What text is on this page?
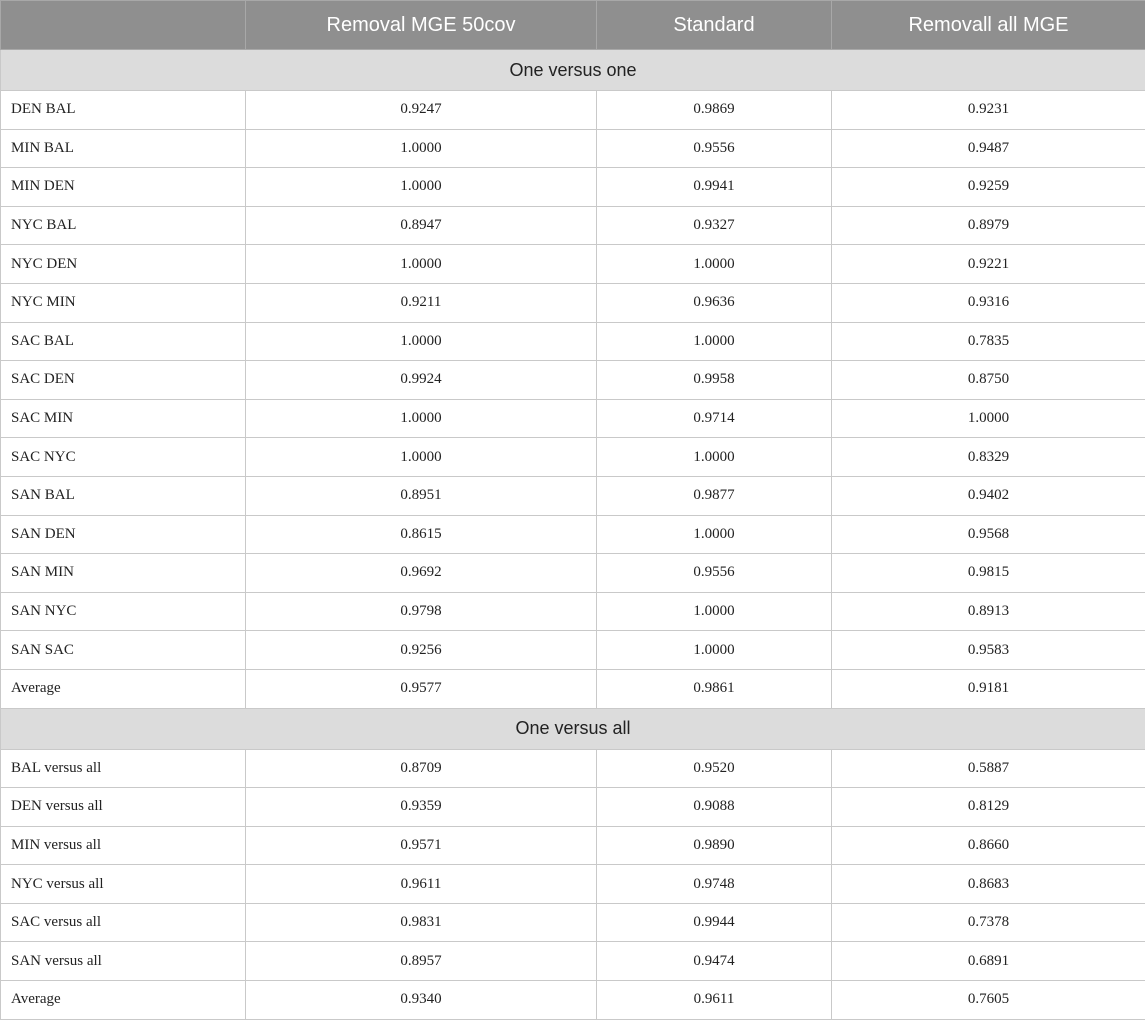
	Removal MGE 50cov	Standard	Removall all MGE
One versus one			
DEN BAL	0.9247	0.9869	0.9231
MIN BAL	1.0000	0.9556	0.9487
MIN DEN	1.0000	0.9941	0.9259
NYC BAL	0.8947	0.9327	0.8979
NYC DEN	1.0000	1.0000	0.9221
NYC MIN	0.9211	0.9636	0.9316
SAC BAL	1.0000	1.0000	0.7835
SAC DEN	0.9924	0.9958	0.8750
SAC MIN	1.0000	0.9714	1.0000
SAC NYC	1.0000	1.0000	0.8329
SAN BAL	0.8951	0.9877	0.9402
SAN DEN	0.8615	1.0000	0.9568
SAN MIN	0.9692	0.9556	0.9815
SAN NYC	0.9798	1.0000	0.8913
SAN SAC	0.9256	1.0000	0.9583
Average	0.9577	0.9861	0.9181
One versus all			
BAL versus all	0.8709	0.9520	0.5887
DEN versus all	0.9359	0.9088	0.8129
MIN versus all	0.9571	0.9890	0.8660
NYC versus all	0.9611	0.9748	0.8683
SAC versus all	0.9831	0.9944	0.7378
SAN versus all	0.8957	0.9474	0.6891
Average	0.9340	0.9611	0.7605
